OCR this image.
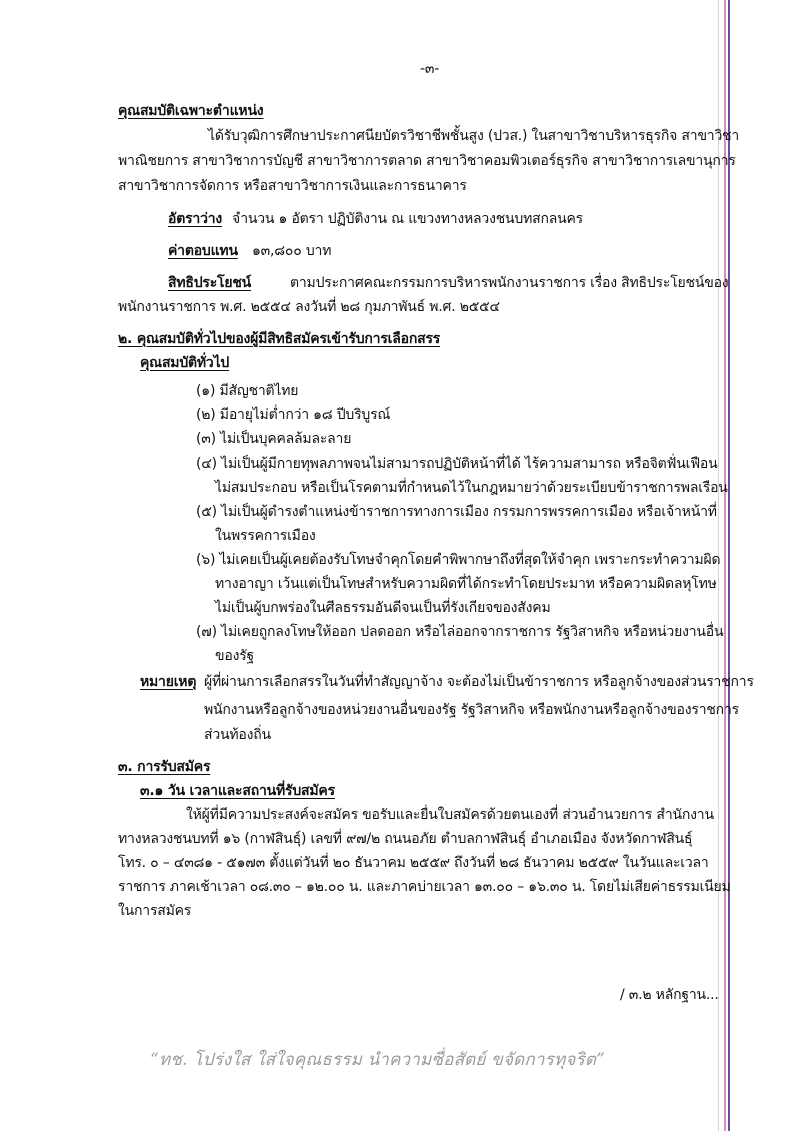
-๓-
คุณสมบัติเฉพาะตำแหน่ง
ได้รับวุฒิการศึกษาประกาศนียบัตรวิชาชีพชั้นสูง (ปวส.) ในสาขาวิชาบริหารธุรกิจ สาขาวิชา
พาณิชยการ สาขาวิชาการบัญชี สาขาวิชาการตลาด สาขาวิชาคอมพิวเตอร์ธุรกิจ สาขาวิชาการเลขานุการ
สาขาวิชาการจัดการ หรือสาขาวิชาการเงินและการธนาคาร
อัตราว่าง จำนวน ๑ อัตรา ปฏิบัติงาน ณ แขวงทางหลวงชนบทสกลนคร
ค่าตอบแทน ๑๓,๘๐๐ บาท
สิทธิประโยชน์	ตามประกาศคณะกรรมการบริหารพนักงานราชการ เรื่อง สิทธิประโยชน์ของ
พนักงานราชการ พ.ศ. ๒๕๕๔ ลงวันที่ ๒๘ กุมภาพันธ์ พ.ศ. ๒๕๕๔
๒. คุณสมบัติทั่วไปของผู้มีสิทธิสมัครเข้ารับการเลือกสรร
คุณสมบัติทั่วไป
(๑) มีสัญชาติไทย
(๒) มีอายุไม่ต่ำกว่า ๑๘ ปีบริบูรณ์
(๓) ไม่เป็นบุคคลล้มละลาย
(๔) ไม่เป็นผู้มีกายทุพลภาพจนไม่สามารถปฏิบัติหน้าที่ได้ ไร้ความสามารถ หรือจิตฟั่นเฟือน
ไม่สมประกอบ หรือเป็นโรคตามที่กำหนดไว้ในกฎหมายว่าด้วยระเบียบข้าราชการพลเรือน
(๕) ไม่เป็นผู้ดำรงตำแหน่งข้าราชการทางการเมือง กรรมการพรรคการเมือง หรือเจ้าหน้าที่
ในพรรคการเมือง
(๖) ไม่เคยเป็นผู้เคยต้องรับโทษจำคุกโดยคำพิพากษาถึงที่สุดให้จำคุก เพราะกระทำความผิด
ทางอาญา เว้นแต่เป็นโทษสำหรับความผิดที่ได้กระทำโดยประมาท หรือความผิดลหุโทษ
ไม่เป็นผู้บกพร่องในศีลธรรมอันดีจนเป็นที่รังเกียจของสังคม
(๗) ไม่เคยถูกลงโทษให้ออก ปลดออก หรือไล่ออกจากราชการ รัฐวิสาหกิจ หรือหน่วยงานอื่น
ของรัฐ
หมายเหตุ ผู้ที่ผ่านการเลือกสรรในวันที่ทำสัญญาจ้าง จะต้องไม่เป็นข้าราชการ หรือลูกจ้างของส่วนราชการ
พนักงานหรือลูกจ้างของหน่วยงานอื่นของรัฐ รัฐวิสาหกิจ หรือพนักงานหรือลูกจ้างของราชการ
ส่วนท้องถิ่น
๓. การรับสมัคร
๓.๑ วัน เวลาและสถานที่รับสมัคร
ให้ผู้ที่มีความประสงค์จะสมัคร ขอรับและยื่นใบสมัครด้วยตนเองที่ ส่วนอำนวยการ สำนักงาน
ทางหลวงชนบทที่ ๑๖ (กาฬสินธุ์) เลขที่ ๙๗/๒ ถนนอภัย ตำบลกาฬสินธุ์ อำเภอเมือง จังหวัดกาฬสินธุ์
โทร. ๐ – ๔๓๘๑ - ๕๑๗๓ ตั้งแต่วันที่ ๒๐ ธันวาคม ๒๕๕๙ ถึงวันที่ ๒๘ ธันวาคม ๒๕๕๙ ในวันและเวลา
ราชการ ภาคเช้าเวลา ๐๘.๓๐ – ๑๒.๐๐ น. และภาคบ่ายเวลา ๑๓.๐๐ – ๑๖.๓๐ น. โดยไม่เสียค่าธรรมเนียม
ในการสมัคร
/ ๓.๒ หลักฐาน...
“ทช. โปร่งใส ใส่ใจคุณธรรม นำความซื่อสัตย์ ขจัดการทุจริต”
